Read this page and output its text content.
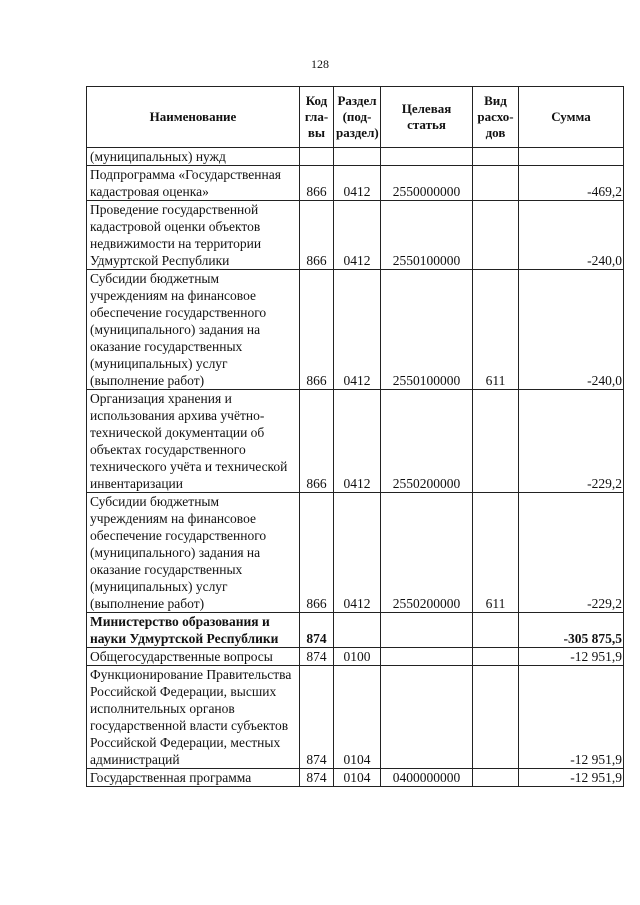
128
Наименование	Код гла- вы	Раздел (под- раздел)	Целевая статья	Вид расхо- дов	Сумма
(муниципальных) нужд					
Подпрограмма «Государственная кадастровая оценка»	866	0412	2550000000		-469,2
Проведение государственной кадастровой оценки объектов недвижимости на территории Удмуртской Республики	866	0412	2550100000		-240,0
Субсидии бюджетным учреждениям на финансовое обеспечение государственного (муниципального) задания на оказание государственных (муниципальных) услуг (выполнение работ)	866	0412	2550100000	611	-240,0
Организация хранения и использования архива учётно-технической документации об объектах государственного технического учёта и технической инвентаризации	866	0412	2550200000		-229,2
Субсидии бюджетным учреждениям на финансовое обеспечение государственного (муниципального) задания на оказание государственных (муниципальных) услуг (выполнение работ)	866	0412	2550200000	611	-229,2
Министерство образования и науки Удмуртской Республики	874				-305 875,5
Общегосударственные вопросы	874	0100			-12 951,9
Функционирование Правительства Российской Федерации, высших исполнительных органов государственной власти субъектов Российской Федерации, местных администраций	874	0104			-12 951,9
Государственная программа	874	0104	0400000000		-12 951,9
